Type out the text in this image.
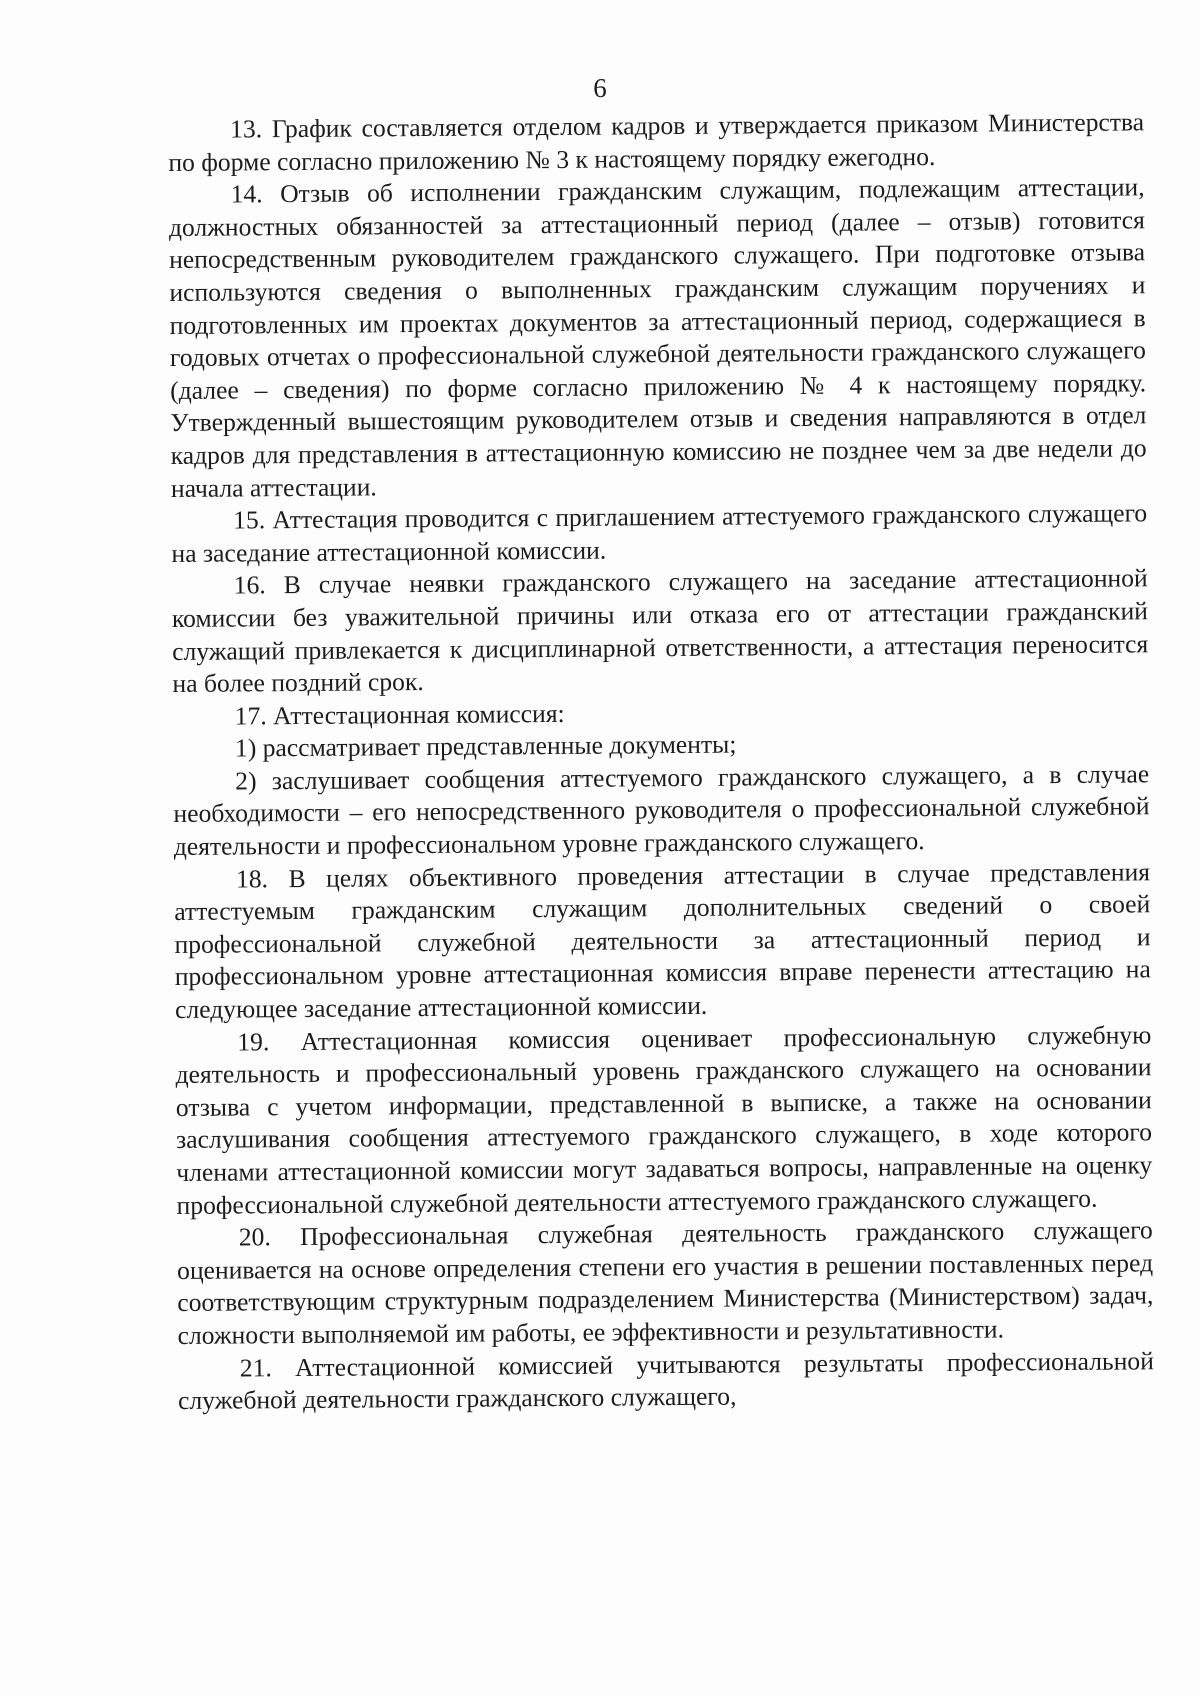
6

13. График составляется отделом кадров и утверждается приказом Министерства по форме согласно приложению № 3 к настоящему порядку ежегодно.

14. Отзыв об исполнении гражданским служащим, подлежащим аттестации, должностных обязанностей за аттестационный период (далее – отзыв) готовится непосредственным руководителем гражданского служащего. При подготовке отзыва используются сведения о выполненных гражданским служащим поручениях и подготовленных им проектах документов за аттестационный период, содержащиеся в годовых отчетах о профессиональной служебной деятельности гражданского служащего (далее – сведения) по форме согласно приложению № 4 к настоящему порядку. Утвержденный вышестоящим руководителем отзыв и сведения направляются в отдел кадров для представления в аттестационную комиссию не позднее чем за две недели до начала аттестации.

15. Аттестация проводится с приглашением аттестуемого гражданского служащего на заседание аттестационной комиссии.

16. В случае неявки гражданского служащего на заседание аттестационной комиссии без уважительной причины или отказа его от аттестации гражданский служащий привлекается к дисциплинарной ответственности, а аттестация переносится на более поздний срок.

17. Аттестационная комиссия:

1) рассматривает представленные документы;

2) заслушивает сообщения аттестуемого гражданского служащего, а в случае необходимости – его непосредственного руководителя о профессиональной служебной деятельности и профессиональном уровне гражданского служащего.

18. В целях объективного проведения аттестации в случае представления аттестуемым гражданским служащим дополнительных сведений о своей профессиональной служебной деятельности за аттестационный период и профессиональном уровне аттестационная комиссия вправе перенести аттестацию на следующее заседание аттестационной комиссии.

19. Аттестационная комиссия оценивает профессиональную служебную деятельность и профессиональный уровень гражданского служащего на основании отзыва с учетом информации, представленной в выписке, а также на основании заслушивания сообщения аттестуемого гражданского служащего, в ходе которого членами аттестационной комиссии могут задаваться вопросы, направленные на оценку профессиональной служебной деятельности аттестуемого гражданского служащего.

20. Профессиональная служебная деятельность гражданского служащего оценивается на основе определения степени его участия в решении поставленных перед соответствующим структурным подразделением Министерства (Министерством) задач, сложности выполняемой им работы, ее эффективности и результативности.

21. Аттестационной комиссией учитываются результаты профессиональной служебной деятельности гражданского служащего,
